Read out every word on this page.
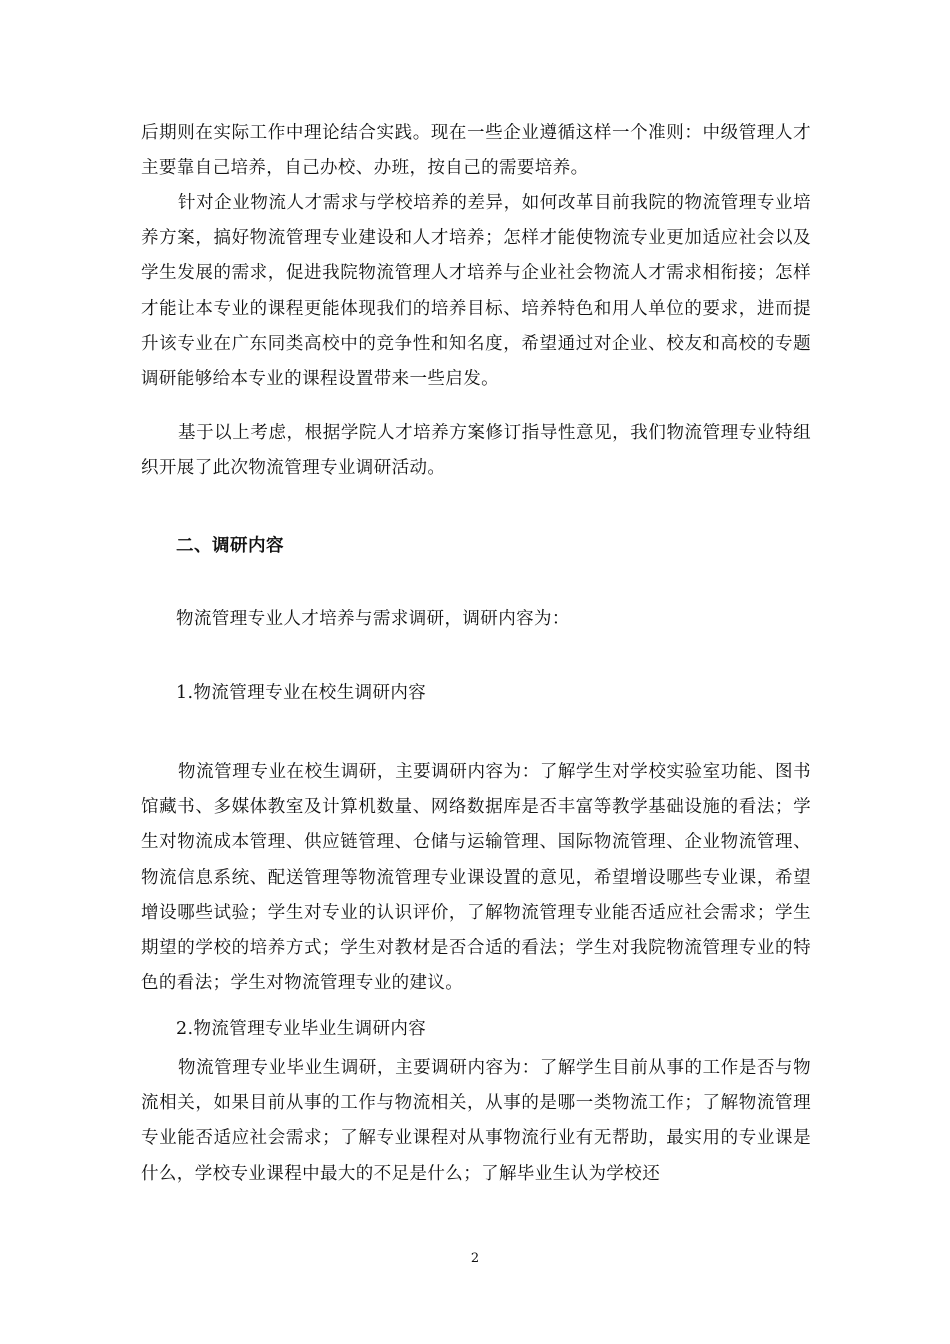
后期则在实际工作中理论结合实践。现在一些企业遵循这样一个准则：中级管理人才主要靠自己培养，自己办校、办班，按自己的需要培养。

针对企业物流人才需求与学校培养的差异，如何改革目前我院的物流管理专业培养方案，搞好物流管理专业建设和人才培养；怎样才能使物流专业更加适应社会以及学生发展的需求，促进我院物流管理人才培养与企业社会物流人才需求相衔接；怎样才能让本专业的课程更能体现我们的培养目标、培养特色和用人单位的要求，进而提升该专业在广东同类高校中的竞争性和知名度，希望通过对企业、校友和高校的专题调研能够给本专业的课程设置带来一些启发。

基于以上考虑，根据学院人才培养方案修订指导性意见，我们物流管理专业特组织开展了此次物流管理专业调研活动。

二、调研内容

物流管理专业人才培养与需求调研，调研内容为：

1.物流管理专业在校生调研内容

物流管理专业在校生调研，主要调研内容为：了解学生对学校实验室功能、图书馆藏书、多媒体教室及计算机数量、网络数据库是否丰富等教学基础设施的看法；学生对物流成本管理、供应链管理、仓储与运输管理、国际物流管理、企业物流管理、物流信息系统、配送管理等物流管理专业课设置的意见，希望增设哪些专业课，希望增设哪些试验；学生对专业的认识评价，了解物流管理专业能否适应社会需求；学生期望的学校的培养方式；学生对教材是否合适的看法；学生对我院物流管理专业的特色的看法；学生对物流管理专业的建议。

2.物流管理专业毕业生调研内容

物流管理专业毕业生调研，主要调研内容为：了解学生目前从事的工作是否与物流相关，如果目前从事的工作与物流相关，从事的是哪一类物流工作；了解物流管理专业能否适应社会需求；了解专业课程对从事物流行业有无帮助，最实用的专业课是什么，学校专业课程中最大的不足是什么；了解毕业生认为学校还

2
